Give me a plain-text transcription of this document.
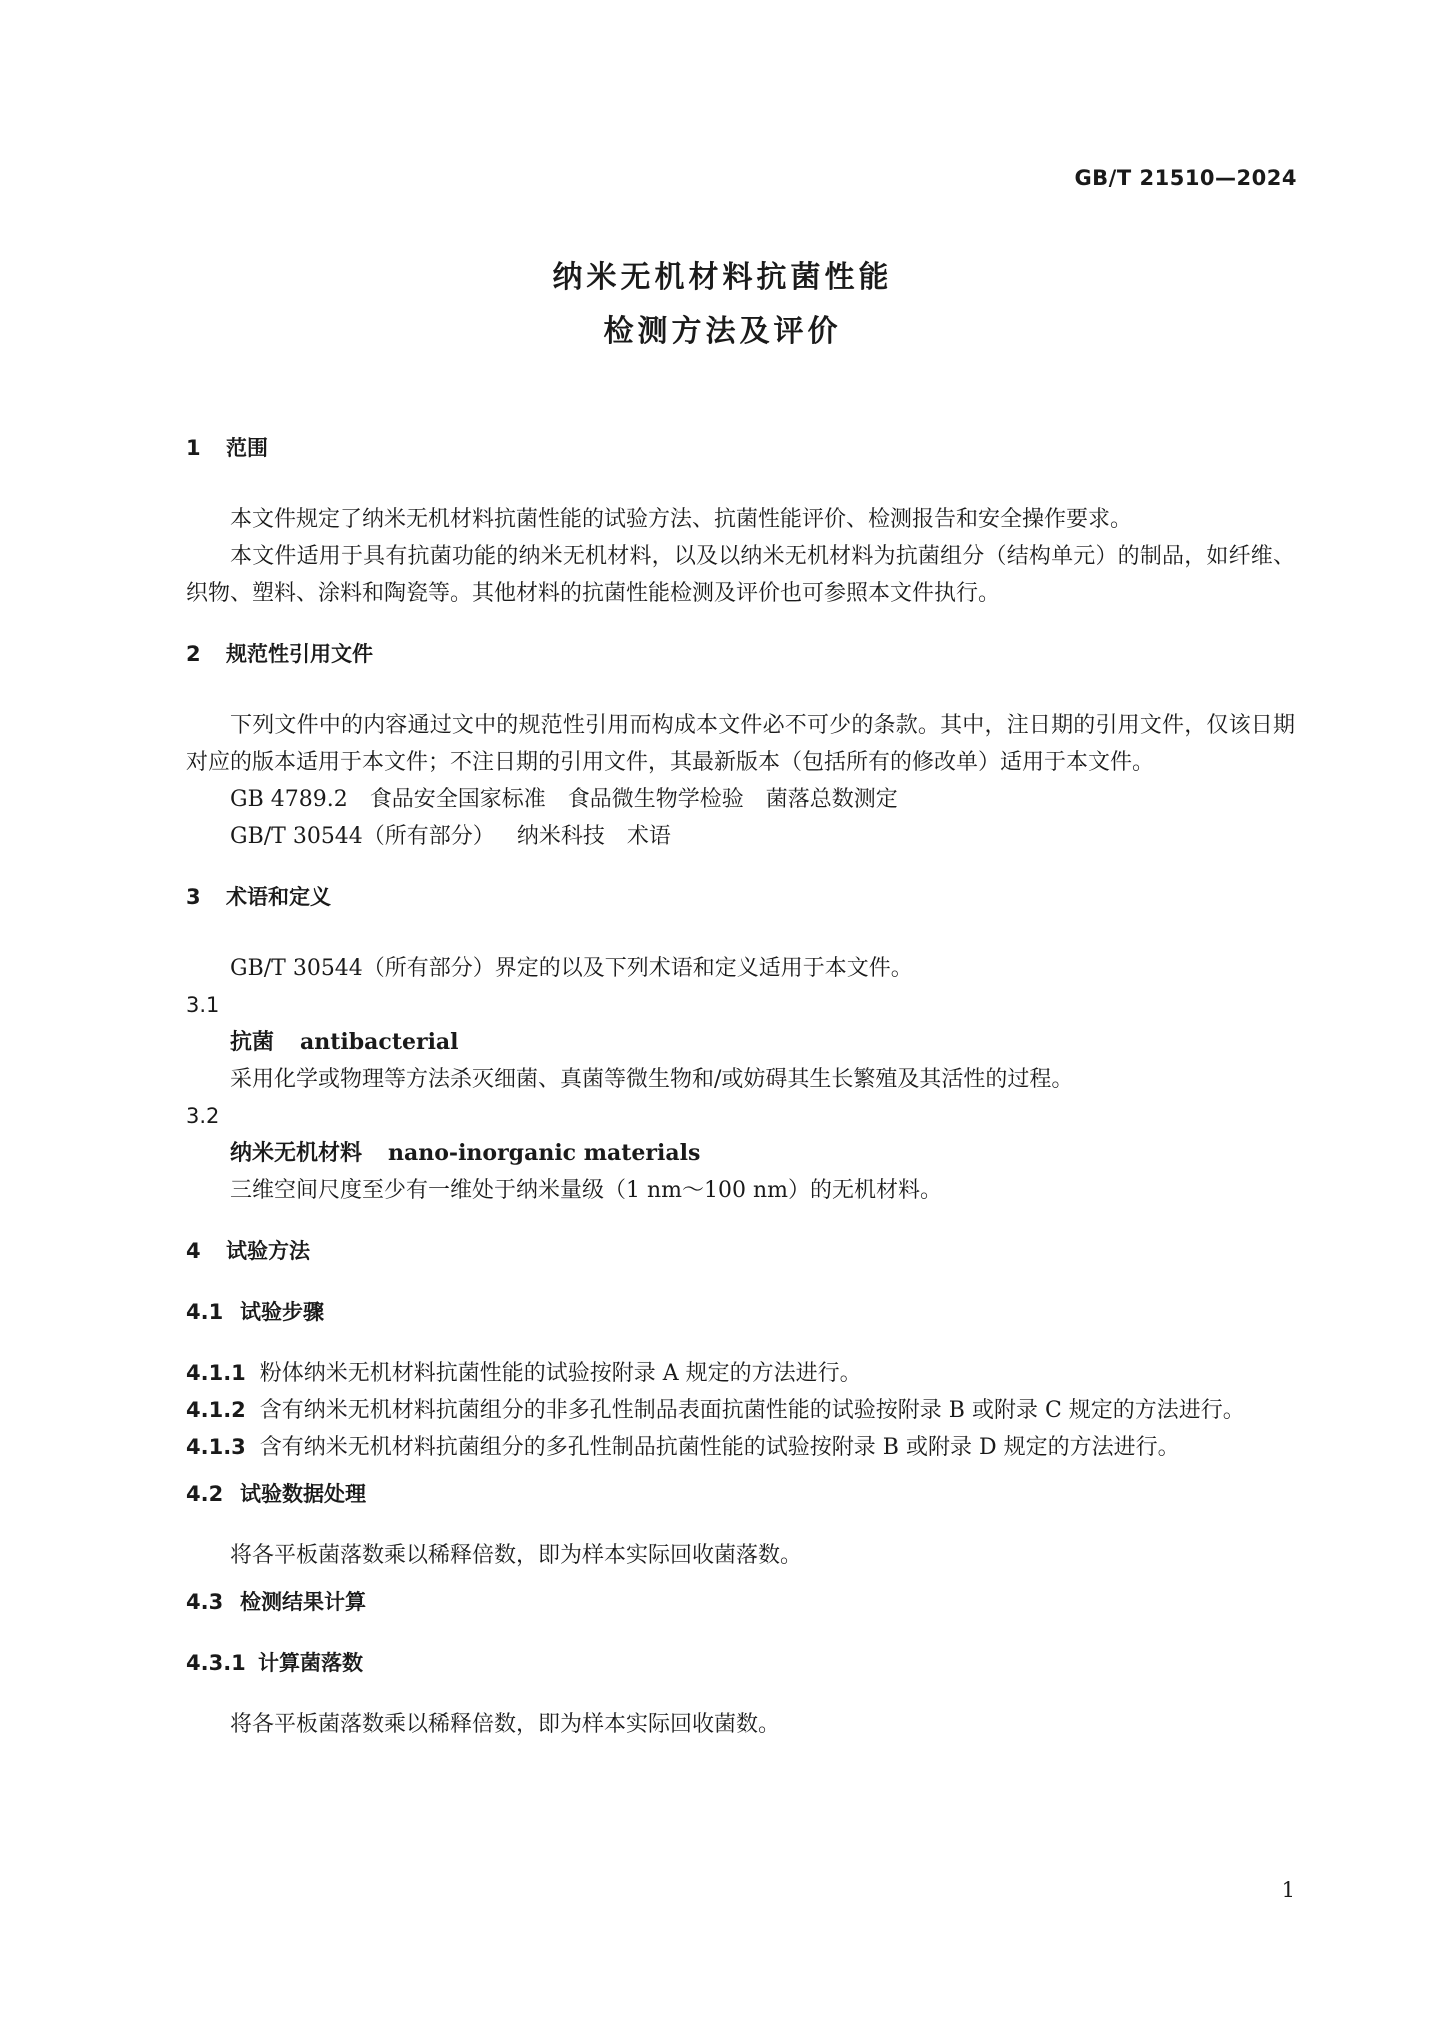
GB/T 21510—2024
纳米无机材料抗菌性能
检测方法及评价
1 范围

本文件规定了纳米无机材料抗菌性能的试验方法、抗菌性能评价、检测报告和安全操作要求。

本文件适用于具有抗菌功能的纳米无机材料，以及以纳米无机材料为抗菌组分（结构单元）的制品，如纤维、织物、塑料、涂料和陶瓷等。其他材料的抗菌性能检测及评价也可参照本文件执行。

2 规范性引用文件

下列文件中的内容通过文中的规范性引用而构成本文件必不可少的条款。其中，注日期的引用文件，仅该日期对应的版本适用于本文件；不注日期的引用文件，其最新版本（包括所有的修改单）适用于本文件。

GB 4789.2 食品安全国家标准 食品微生物学检验 菌落总数测定

GB/T 30544（所有部分） 纳米科技 术语

3 术语和定义

GB/T 30544（所有部分）界定的以及下列术语和定义适用于本文件。

3.1

抗菌 antibacterial

采用化学或物理等方法杀灭细菌、真菌等微生物和/或妨碍其生长繁殖及其活性的过程。

3.2

纳米无机材料 nano-inorganic materials

三维空间尺度至少有一维处于纳米量级（1 nm～100 nm）的无机材料。

4 试验方法
4.1 试验步骤

4.1.1 粉体纳米无机材料抗菌性能的试验按附录 A 规定的方法进行。

4.1.2 含有纳米无机材料抗菌组分的非多孔性制品表面抗菌性能的试验按附录 B 或附录 C 规定的方法进行。

4.1.3 含有纳米无机材料抗菌组分的多孔性制品抗菌性能的试验按附录 B 或附录 D 规定的方法进行。

4.2 试验数据处理

将各平板菌落数乘以稀释倍数，即为样本实际回收菌落数。

4.3 检测结果计算
4.3.1 计算菌落数

将各平板菌落数乘以稀释倍数，即为样本实际回收菌数。

1
